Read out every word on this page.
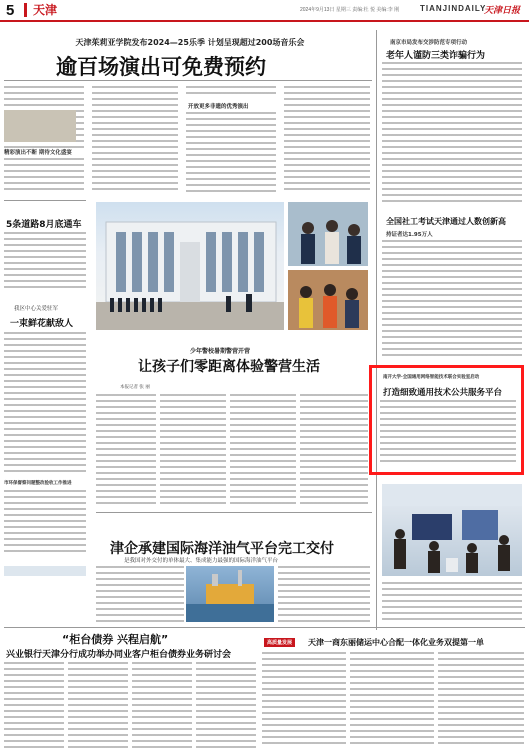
5	天津	2024年9月13日 星期三 责编:杜 悦 美编:李 刚	TIANJINDAILY
天津日报
天津茱莉亚学院发布2024—25乐季 计划呈现超过200场音乐会
逾百场演出可免费预约
精彩演出不断 期待文化盛宴
开放更多非遗的优秀演出
5条道路8月底通车
我区中心关爱驻军
一束鲜花献敌人
市环保督察问题整改验收工作推进
少年警校暑期警营开营
让孩子们零距离体验警营生活
本报记者 张 丽
津企承建国际海洋油气平台完工交付
是我国对外交付的单体最大、集成能力最强的国际海洋油气平台
南京市局发布交涉防范专项行动
老年人谨防三类诈骗行为
全国社工考试天津通过人数创新高
持证者达1.95万人
南开大学·全国通用网络智能技术联合实验室启动
打造细致通用技术公共服务平台
“柜台债券 兴程启航”
兴业银行天津分行成功举办同业客户柜台债券业务研讨会
高质量发展	天津一商东丽储运中心合配一体化业务双提第一单
